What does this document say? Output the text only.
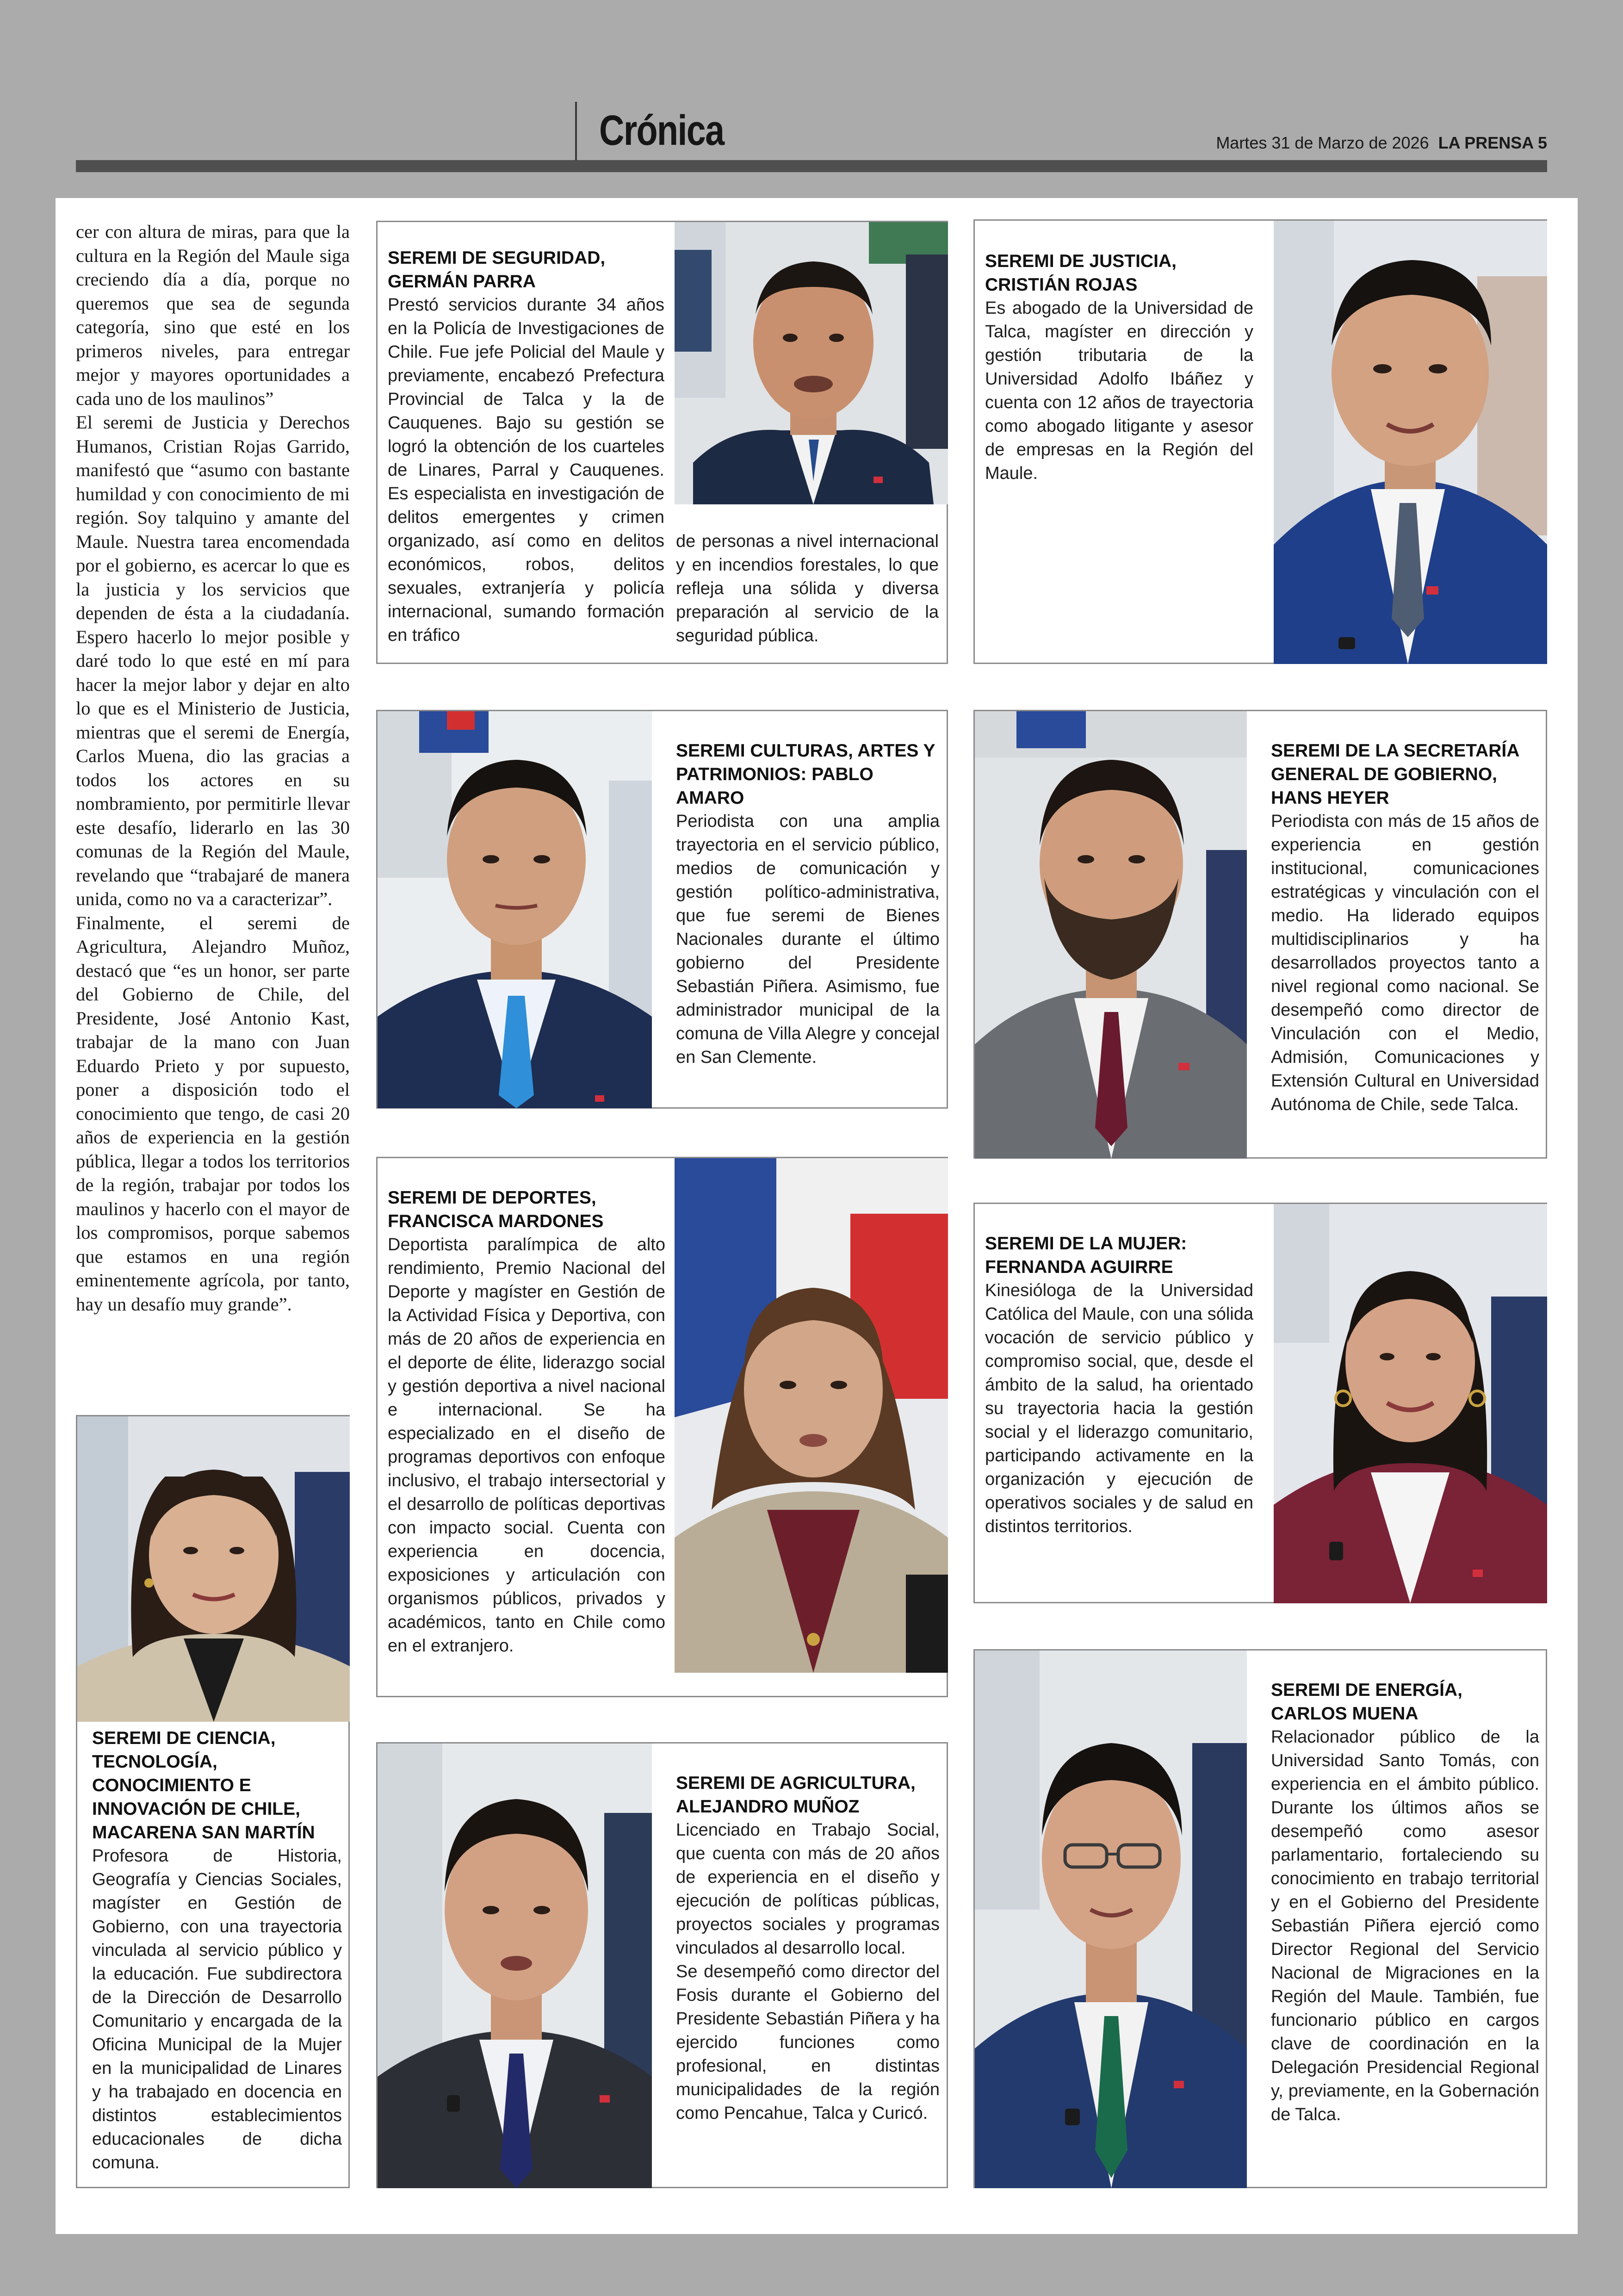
Crónica	Martes 31 de Marzo de 2026 LA PRENSA 5

cer con altura de miras, para que la cultura en la Región del Maule siga creciendo día a día, porque no queremos que sea de segunda categoría, sino que esté en los primeros niveles, para entregar mejor y mayores oportunidades a cada uno de los maulinos”

El seremi de Justicia y Derechos Humanos, Cristian Rojas Garrido, manifestó que “asumo con bastante humildad y con conocimiento de mi región. Soy talquino y amante del Maule. Nuestra tarea encomendada por el gobierno, es acercar lo que es la justicia y los servicios que dependen de ésta a la ciudadanía. Espero hacerlo lo mejor posible y daré todo lo que esté en mí para hacer la mejor labor y dejar en alto lo que es el Ministerio de Justicia, mientras que el seremi de Energía, Carlos Muena, dio las gracias a todos los actores en su nombramiento, por permitirle llevar este desafío, liderarlo en las 30 comunas de la Región del Maule, revelando que “trabajaré de manera unida, como no va a caracterizar”.

Finalmente, el seremi de Agricultura, Alejandro Muñoz, destacó que “es un honor, ser parte del Gobierno de Chile, del Presidente, José Antonio Kast, trabajar de la mano con Juan Eduardo Prieto y por supuesto, poner a disposición todo el conocimiento que tengo, de casi 20 años de experiencia en la gestión pública, llegar a todos los territorios de la región, trabajar por todos los maulinos y hacerlo con el mayor de los compromisos, porque sabemos que estamos en una región eminentemente agrícola, por tanto, hay un desafío muy grande”.

SEREMI DE SEGURIDAD, GERMÁN PARRA

Prestó servicios durante 34 años en la Policía de Investigaciones de Chile. Fue jefe Policial del Maule y previamente, encabezó Prefectura Provincial de Talca y la de Cauquenes. Bajo su gestión se logró la obtención de los cuarteles de Linares, Parral y Cauquenes. Es especialista en investigación de delitos emergentes y crimen organizado, así como en delitos económicos, robos, delitos sexuales, extranjería y policía internacional, sumando formación en tráfico

de personas a nivel internacional y en incendios forestales, lo que refleja una sólida y diversa preparación al servicio de la seguridad pública.
SEREMI DE JUSTICIA, CRISTIÁN ROJAS

Es abogado de la Universidad de Talca, magíster en dirección y gestión tributaria de la Universidad Adolfo Ibáñez y cuenta con 12 años de trayectoria como abogado litigante y asesor de empresas en la Región del Maule.

SEREMI CULTURAS, ARTES Y PATRIMONIOS: PABLO AMARO

Periodista con una amplia trayectoria en el servicio público, medios de comunicación y gestión político-administrativa, que fue seremi de Bienes Nacionales durante el último gobierno del Presidente Sebastián Piñera. Asimismo, fue administrador municipal de la comuna de Villa Alegre y concejal en San Clemente.

SEREMI DE LA SECRETARÍA GENERAL DE GOBIERNO, HANS HEYER

Periodista con más de 15 años de experiencia en gestión institucional, comunicaciones estratégicas y vinculación con el medio. Ha liderado equipos multidisciplinarios y ha desarrollados proyectos tanto a nivel regional como nacional. Se desempeñó como director de Vinculación con el Medio, Admisión, Comunicaciones y Extensión Cultural en Universidad Autónoma de Chile, sede Talca.

SEREMI DE DEPORTES, FRANCISCA MARDONES

Deportista paralímpica de alto rendimiento, Premio Nacional del Deporte y magíster en Gestión de la Actividad Física y Deportiva, con más de 20 años de experiencia en el deporte de élite, liderazgo social y gestión deportiva a nivel nacional e internacional. Se ha especializado en el diseño de programas deportivos con enfoque inclusivo, el trabajo intersectorial y el desarrollo de políticas deportivas con impacto social. Cuenta con experiencia en docencia, exposiciones y articulación con organismos públicos, privados y académicos, tanto en Chile como en el extranjero.

SEREMI DE LA MUJER: FERNANDA AGUIRRE

Kinesióloga de la Universidad Católica del Maule, con una sólida vocación de servicio público y compromiso social, que, desde el ámbito de la salud, ha orientado su trayectoria hacia la gestión social y el liderazgo comunitario, participando activamente en la organización y ejecución de operativos sociales y de salud en distintos territorios.

SEREMI DE CIENCIA, TECNOLOGÍA, CONOCIMIENTO E INNOVACIÓN DE CHILE, MACARENA SAN MARTÍN

Profesora de Historia, Geografía y Ciencias Sociales, magíster en Gestión de Gobierno, con una trayectoria vinculada al servicio público y la educación. Fue subdirectora de la Dirección de Desarrollo Comunitario y encargada de la Oficina Municipal de la Mujer en la municipalidad de Linares y ha trabajado en docencia en distintos establecimientos educacionales de dicha comuna.

SEREMI DE AGRICULTURA, ALEJANDRO MUÑOZ

Licenciado en Trabajo Social, que cuenta con más de 20 años de experiencia en el diseño y ejecución de políticas públicas, proyectos sociales y programas vinculados al desarrollo local.

Se desempeñó como director del Fosis durante el Gobierno del Presidente Sebastián Piñera y ha ejercido funciones como profesional, en distintas municipalidades de la región como Pencahue, Talca y Curicó.

SEREMI DE ENERGÍA, CARLOS MUENA

Relacionador público de la Universidad Santo Tomás, con experiencia en el ámbito público. Durante los últimos años se desempeñó como asesor parlamentario, fortaleciendo su conocimiento en trabajo territorial y en el Gobierno del Presidente Sebastián Piñera ejerció como Director Regional del Servicio Nacional de Migraciones en la Región del Maule. También, fue funcionario público en cargos clave de coordinación en la Delegación Presidencial Regional y, previamente, en la Gobernación de Talca.
